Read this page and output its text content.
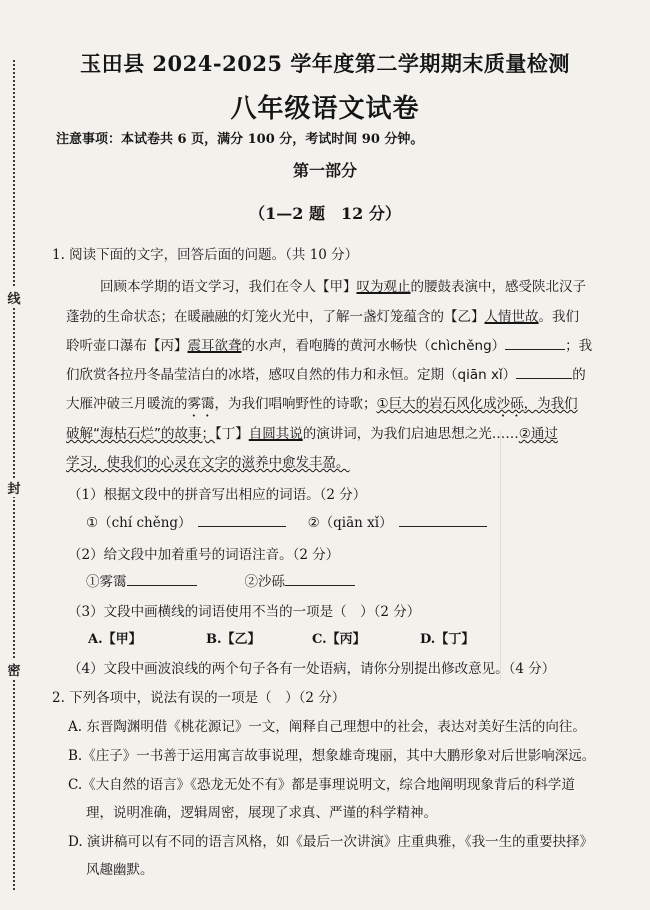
线
封
密
玉田县 2024-2025 学年度第二学期期末质量检测
八年级语文试卷
注意事项：本试卷共 6 页，满分 100 分，考试时间 90 分钟。
第一部分
（1—2 题　12 分）
1. 阅读下面的文字，回答后面的问题。（共 10 分）
回顾本学期的语文学习，我们在令人【甲】叹为观止的腰鼓表演中，感受陕北汉子
蓬勃的生命状态；在暖融融的灯笼火光中，了解一盏灯笼蕴含的【乙】人情世故。我们
聆听壶口瀑布【丙】震耳欲聋的水声，看咆腾的黄河水畅快（chìchěng）	；我
们欣赏各拉丹冬晶莹洁白的冰塔，感叹自然的伟力和永恒。定期（qiān xǐ）	的
大雁冲破三月暖流的雾霭，为我们唱响野性的诗歌；①巨大的岩石风化成沙砾，为我们
破解“海枯石烂”的故事；【丁】自圆其说的演讲词，为我们启迪思想之光……②通过
学习，使我们的心灵在文字的滋养中愈发丰盈。
（1）根据文段中的拼音写出相应的词语。（2 分）
①（chí chěng）	②（qiān xǐ）
（2）给文段中加着重号的词语注音。（2 分）
①雾霭	②沙砾
（3）文段中画横线的词语使用不当的一项是（　）（2 分）
A.【甲】	B.【乙】	C.【丙】	D.【丁】
（4）文段中画波浪线的两个句子各有一处语病，请你分别提出修改意见。（4 分）
2. 下列各项中，说法有误的一项是（　）（2 分）
A. 东晋陶渊明借《桃花源记》一文，阐释自己理想中的社会，表达对美好生活的向往。
B.《庄子》一书善于运用寓言故事说理，想象雄奇瑰丽，其中大鹏形象对后世影响深远。
C.《大自然的语言》《恐龙无处不有》都是事理说明文，综合地阐明现象背后的科学道
理，说明准确，逻辑周密，展现了求真、严谨的科学精神。
D. 演讲稿可以有不同的语言风格，如《最后一次讲演》庄重典雅，《我一生的重要抉择》
风趣幽默。
